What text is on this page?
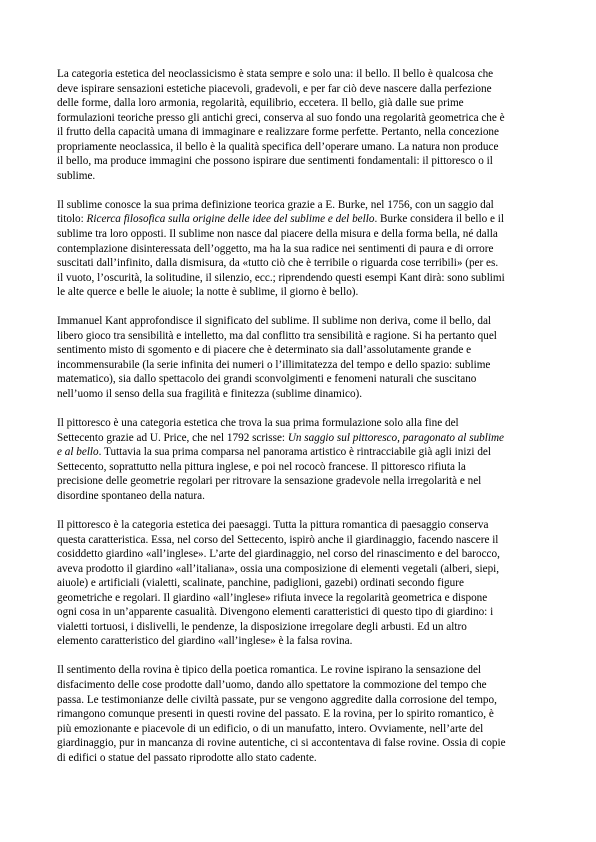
La categoria estetica del neoclassicismo è stata sempre e solo una: il bello. Il bello è qualcosa che
deve ispirare sensazioni estetiche piacevoli, gradevoli, e per far ciò deve nascere dalla perfezione
delle forme, dalla loro armonia, regolarità, equilibrio, eccetera. Il bello, già dalle sue prime
formulazioni teoriche presso gli antichi greci, conserva al suo fondo una regolarità geometrica che è
il frutto della capacità umana di immaginare e realizzare forme perfette. Pertanto, nella concezione
propriamente neoclassica, il bello è la qualità specifica dell’operare umano. La natura non produce
il bello, ma produce immagini che possono ispirare due sentimenti fondamentali: il pittoresco o il
sublime.

Il sublime conosce la sua prima definizione teorica grazie a E. Burke, nel 1756, con un saggio dal
titolo: Ricerca filosofica sulla origine delle idee del sublime e del bello. Burke considera il bello e il
sublime tra loro opposti. Il sublime non nasce dal piacere della misura e della forma bella, né dalla
contemplazione disinteressata dell’oggetto, ma ha la sua radice nei sentimenti di paura e di orrore
suscitati dall’infinito, dalla dismisura, da «tutto ciò che è terribile o riguarda cose terribili» (per es.
il vuoto, l’oscurità, la solitudine, il silenzio, ecc.; riprendendo questi esempi Kant dirà: sono sublimi
le alte querce e belle le aiuole; la notte è sublime, il giorno è bello).

Immanuel Kant approfondisce il significato del sublime. Il sublime non deriva, come il bello, dal
libero gioco tra sensibilità e intelletto, ma dal conflitto tra sensibilità e ragione. Si ha pertanto quel
sentimento misto di sgomento e di piacere che è determinato sia dall’assolutamente grande e
incommensurabile (la serie infinita dei numeri o l’illimitatezza del tempo e dello spazio: sublime
matematico), sia dallo spettacolo dei grandi sconvolgimenti e fenomeni naturali che suscitano
nell’uomo il senso della sua fragilità e finitezza (sublime dinamico).

Il pittoresco è una categoria estetica che trova la sua prima formulazione solo alla fine del
Settecento grazie ad U. Price, che nel 1792 scrisse: Un saggio sul pittoresco, paragonato al sublime
e al bello. Tuttavia la sua prima comparsa nel panorama artistico è rintracciabile già agli inizi del
Settecento, soprattutto nella pittura inglese, e poi nel rococò francese. Il pittoresco rifiuta la
precisione delle geometrie regolari per ritrovare la sensazione gradevole nella irregolarità e nel
disordine spontaneo della natura.

Il pittoresco è la categoria estetica dei paesaggi. Tutta la pittura romantica di paesaggio conserva
questa caratteristica. Essa, nel corso del Settecento, ispirò anche il giardinaggio, facendo nascere il
cosiddetto giardino «all’inglese». L’arte del giardinaggio, nel corso del rinascimento e del barocco,
aveva prodotto il giardino «all’italiana», ossia una composizione di elementi vegetali (alberi, siepi,
aiuole) e artificiali (vialetti, scalinate, panchine, padiglioni, gazebi) ordinati secondo figure
geometriche e regolari. Il giardino «all’inglese» rifiuta invece la regolarità geometrica e dispone
ogni cosa in un’apparente casualità. Divengono elementi caratteristici di questo tipo di giardino: i
vialetti tortuosi, i dislivelli, le pendenze, la disposizione irregolare degli arbusti. Ed un altro
elemento caratteristico del giardino «all’inglese» è la falsa rovina.

Il sentimento della rovina è tipico della poetica romantica. Le rovine ispirano la sensazione del
disfacimento delle cose prodotte dall’uomo, dando allo spettatore la commozione del tempo che
passa. Le testimonianze delle civiltà passate, pur se vengono aggredite dalla corrosione del tempo,
rimangono comunque presenti in questi rovine del passato. E la rovina, per lo spirito romantico, è
più emozionante e piacevole di un edificio, o di un manufatto, intero. Ovviamente, nell’arte del
giardinaggio, pur in mancanza di rovine autentiche, ci si accontentava di false rovine. Ossia di copie
di edifici o statue del passato riprodotte allo stato cadente.
